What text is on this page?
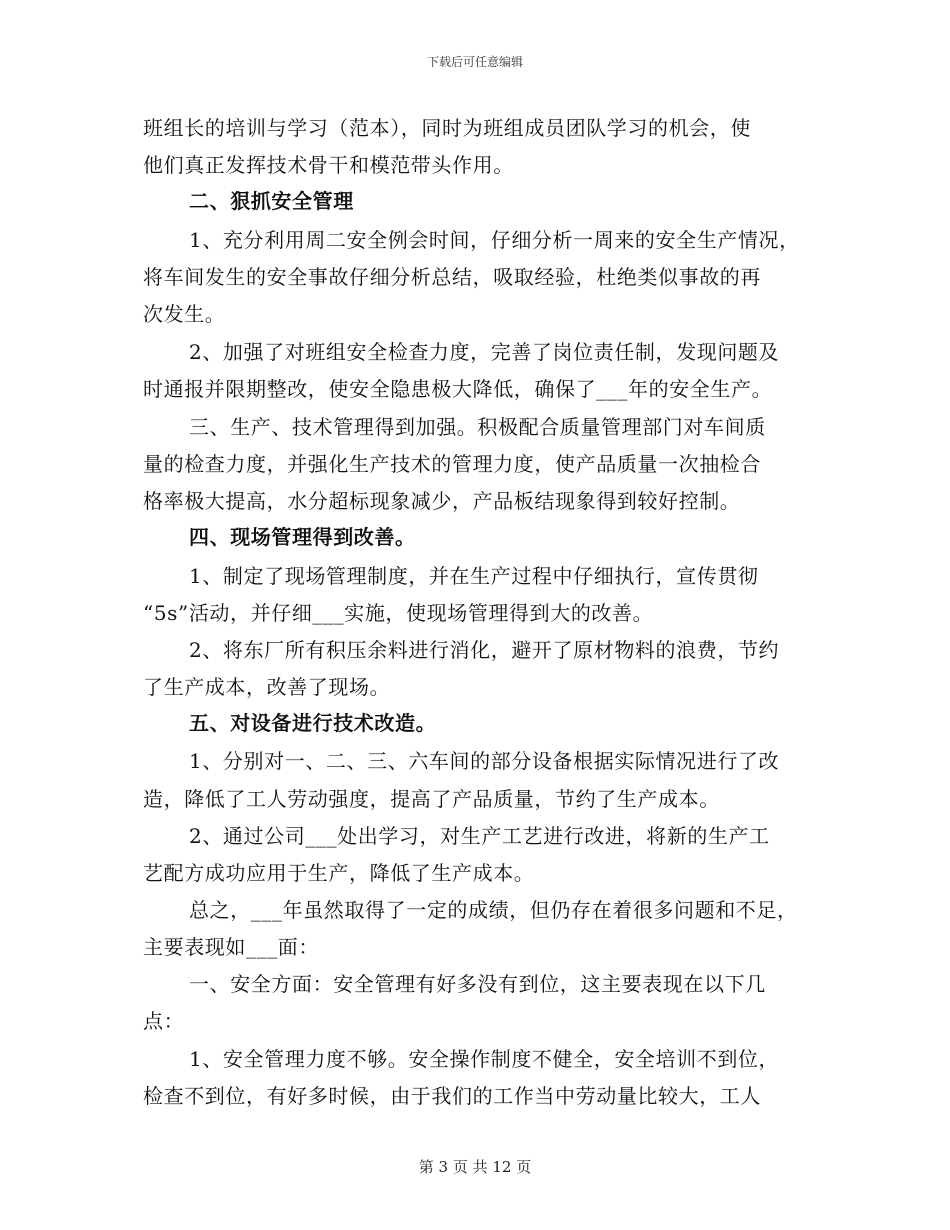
下载后可任意编辑
班组长的培训与学习（范本），同时为班组成员团队学习的机会，使
他们真正发挥技术骨干和模范带头作用。
二、狠抓安全管理
1、充分利用周二安全例会时间，仔细分析一周来的安全生产情况，
将车间发生的安全事故仔细分析总结，吸取经验，杜绝类似事故的再
次发生。
2、加强了对班组安全检查力度，完善了岗位责任制，发现问题及
时通报并限期整改，使安全隐患极大降低，确保了___年的安全生产。
三、生产、技术管理得到加强。积极配合质量管理部门对车间质
量的检查力度，并强化生产技术的管理力度，使产品质量一次抽检合
格率极大提高，水分超标现象减少，产品板结现象得到较好控制。
四、现场管理得到改善。
1、制定了现场管理制度，并在生产过程中仔细执行，宣传贯彻
“5s”活动，并仔细___实施，使现场管理得到大的改善。
2、将东厂所有积压余料进行消化，避开了原材物料的浪费，节约
了生产成本，改善了现场。
五、对设备进行技术改造。
1、分别对一、二、三、六车间的部分设备根据实际情况进行了改
造，降低了工人劳动强度，提高了产品质量，节约了生产成本。
2、通过公司___处出学习，对生产工艺进行改进，将新的生产工
艺配方成功应用于生产，降低了生产成本。
总之，___年虽然取得了一定的成绩，但仍存在着很多问题和不足，
主要表现如___面：
一、安全方面：安全管理有好多没有到位，这主要表现在以下几
点：
1、安全管理力度不够。安全操作制度不健全，安全培训不到位，
检查不到位，有好多时候，由于我们的工作当中劳动量比较大，工人
第 3 页 共 12 页
